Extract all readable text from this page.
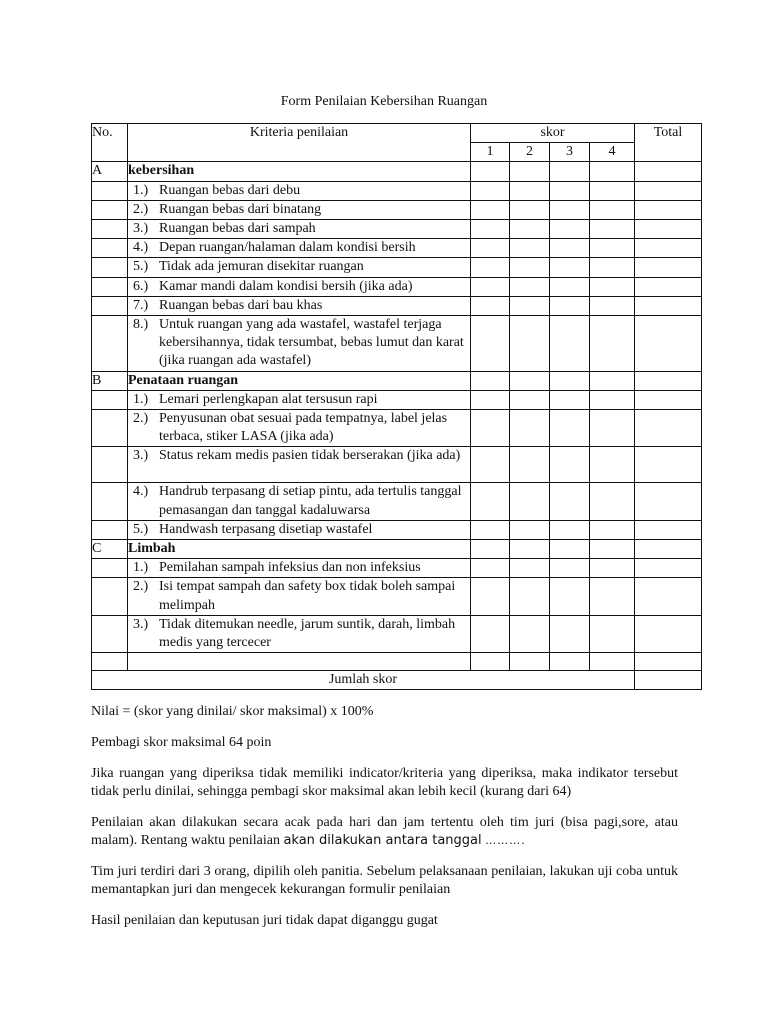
Form Penilaian Kebersihan Ruangan
No.	Kriteria penilaian	skor				Total
		1	2	3	4	
A	kebersihan					

	1.) Ruangan bebas dari debu					

	2.) Ruangan bebas dari binatang					

	3.) Ruangan bebas dari sampah					

	4.) Depan ruangan/halaman dalam kondisi bersih					

	5.) Tidak ada jemuran disekitar ruangan					

	6.) Kamar mandi dalam kondisi bersih (jika ada)					

	7.) Ruangan bebas dari bau khas					

	8.) Untuk ruangan yang ada wastafel, wastafel terjaga kebersihannya, tidak tersumbat, bebas lumut dan karat (jika ruangan ada wastafel)					

B	Penataan ruangan					

	1.) Lemari perlengkapan alat tersusun rapi					

	2.) Penyusunan obat sesuai pada tempatnya, label jelas terbaca, stiker LASA (jika ada)					

	3.) Status rekam medis pasien tidak berserakan (jika ada)					

	4.) Handrub terpasang di setiap pintu, ada tertulis tanggal pemasangan dan tanggal kadaluwarsa					

	5.) Handwash terpasang disetiap wastafel					

C	Limbah					

	1.) Pemilahan sampah infeksius dan non infeksius					

	2.) Isi tempat sampah dan safety box tidak boleh sampai melimpah					

	3.) Tidak ditemukan needle, jarum suntik, darah, limbah medis yang tercecer					

Jumlah skor						

Nilai = (skor yang dinilai/ skor maksimal) x 100%

Pembagi skor maksimal 64 poin

Jika ruangan yang diperiksa tidak memiliki indicator/kriteria yang diperiksa, maka indikator tersebut tidak perlu dinilai, sehingga pembagi skor maksimal akan lebih kecil (kurang dari 64)

Penilaian akan dilakukan secara acak pada hari dan jam tertentu oleh tim juri (bisa pagi,sore, atau malam). Rentang waktu penilaian akan dilakukan antara tanggal ……….

Tim juri terdiri dari 3 orang, dipilih oleh panitia. Sebelum pelaksanaan penilaian, lakukan uji coba untuk memantapkan juri dan mengecek kekurangan formulir penilaian

Hasil penilaian dan keputusan juri tidak dapat diganggu gugat
